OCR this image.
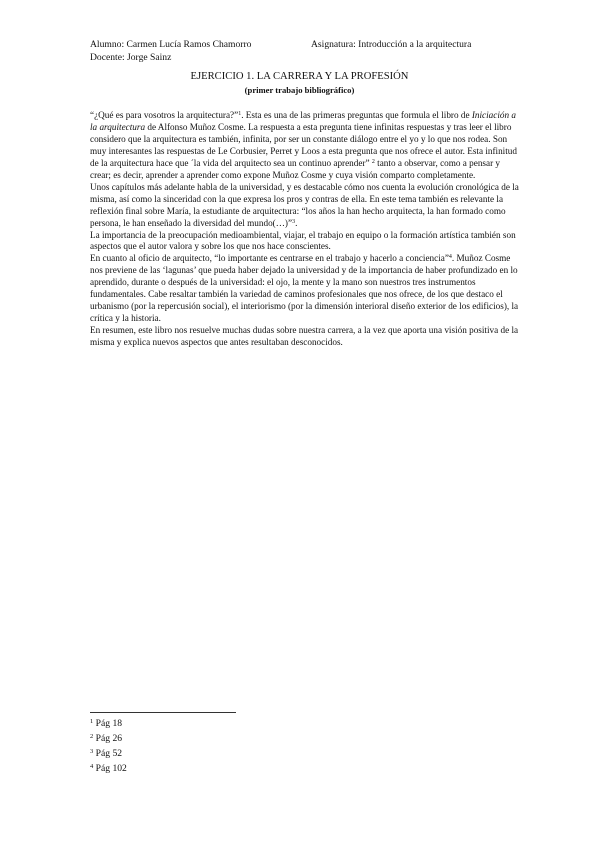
Alumno: Carmen Lucía Ramos Chamorro	Asignatura: Introducción a la arquitectura
Docente: Jorge Sainz
EJERCICIO 1. LA CARRERA Y LA PROFESIÓN
(primer trabajo bibliográfico)

“¿Qué es para vosotros la arquitectura?”$^1$. Esta es una de las primeras preguntas que formula el libro de Iniciación a la arquitectura de Alfonso Muñoz Cosme. La respuesta a esta pregunta tiene infinitas respuestas y tras leer el libro considero que la arquitectura es también, infinita, por ser un constante diálogo entre el yo y lo que nos rodea. Son muy interesantes las respuestas de Le Corbusier, Perret y Loos a esta pregunta que nos ofrece el autor. Esta infinitud de la arquitectura hace que ´la vida del arquitecto sea un continuo aprender” $^2$ tanto a observar, como a pensar y crear; es decir, aprender a aprender como expone Muñoz Cosme y cuya visión comparto completamente.

Unos capítulos más adelante habla de la universidad, y es destacable cómo nos cuenta la evolución cronológica de la misma, así como la sinceridad con la que expresa los pros y contras de ella. En este tema también es relevante la reflexión final sobre María, la estudiante de arquitectura: “los años la han hecho arquitecta, la han formado como persona, le han enseñado la diversidad del mundo(…)”$^3$.

La importancia de la preocupación medioambiental, viajar, el trabajo en equipo o la formación artística también son aspectos que el autor valora y sobre los que nos hace conscientes.

En cuanto al oficio de arquitecto, “lo importante es centrarse en el trabajo y hacerlo a conciencia”$^4$. Muñoz Cosme nos previene de las ‘lagunas’ que pueda haber dejado la universidad y de la importancia de haber profundizado en lo aprendido, durante o después de la universidad: el ojo, la mente y la mano son nuestros tres instrumentos fundamentales. Cabe resaltar también la variedad de caminos profesionales que nos ofrece, de los que destaco el urbanismo (por la repercusión social), el interiorismo (por la dimensión interioral diseño exterior de los edificios), la crítica y la historia.

En resumen, este libro nos resuelve muchas dudas sobre nuestra carrera, a la vez que aporta una visión positiva de la misma y explica nuevos aspectos que antes resultaban desconocidos.

$^1$ Pág 18
$^2$ Pág 26
$^3$ Pág 52
$^4$ Pág 102
